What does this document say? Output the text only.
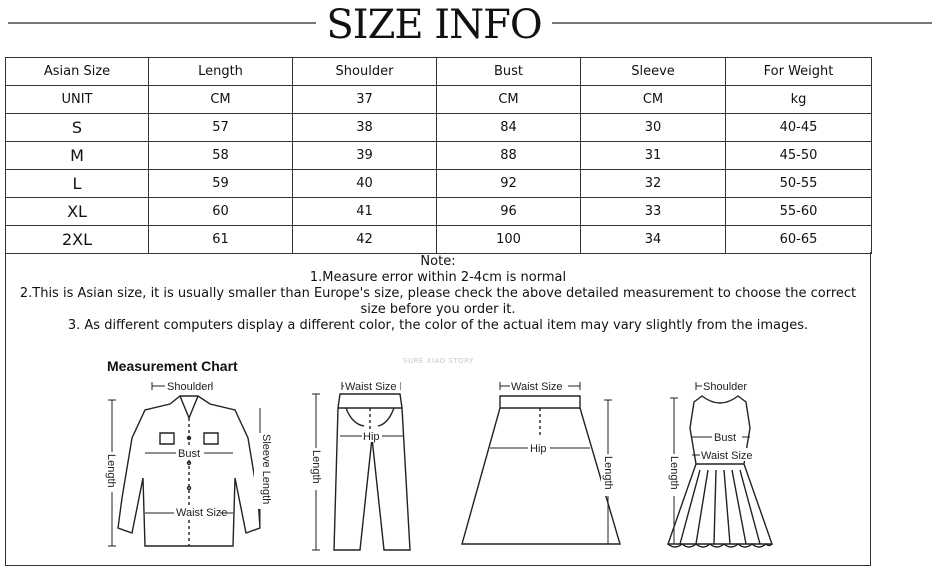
SIZE INFO
Asian Size	Length	Shoulder	Bust	Sleeve	For Weight
UNIT	CM	37	CM	CM	kg
S	57	38	84	30	40-45
M	58	39	88	31	45-50
L	59	40	92	32	50-55
XL	60	41	96	33	55-60
2XL	61	42	100	34	60-65
Note:
1.Measure error within 2-4cm is normal
2.This is Asian size, it is usually smaller than Europe's size, please check the above detailed measurement to choose the correct size before you order it.
3. As different computers display a different color, the color of the actual item may vary slightly from the images.
Measurement Chart	SURE XIAO STORY
Shoulder
Bust
Waist Size
Length	Sleeve Length
Waist Size
Hip
Length
Waist Size
Hip
Length
Shoulder
Bust
Waist Size
Length
